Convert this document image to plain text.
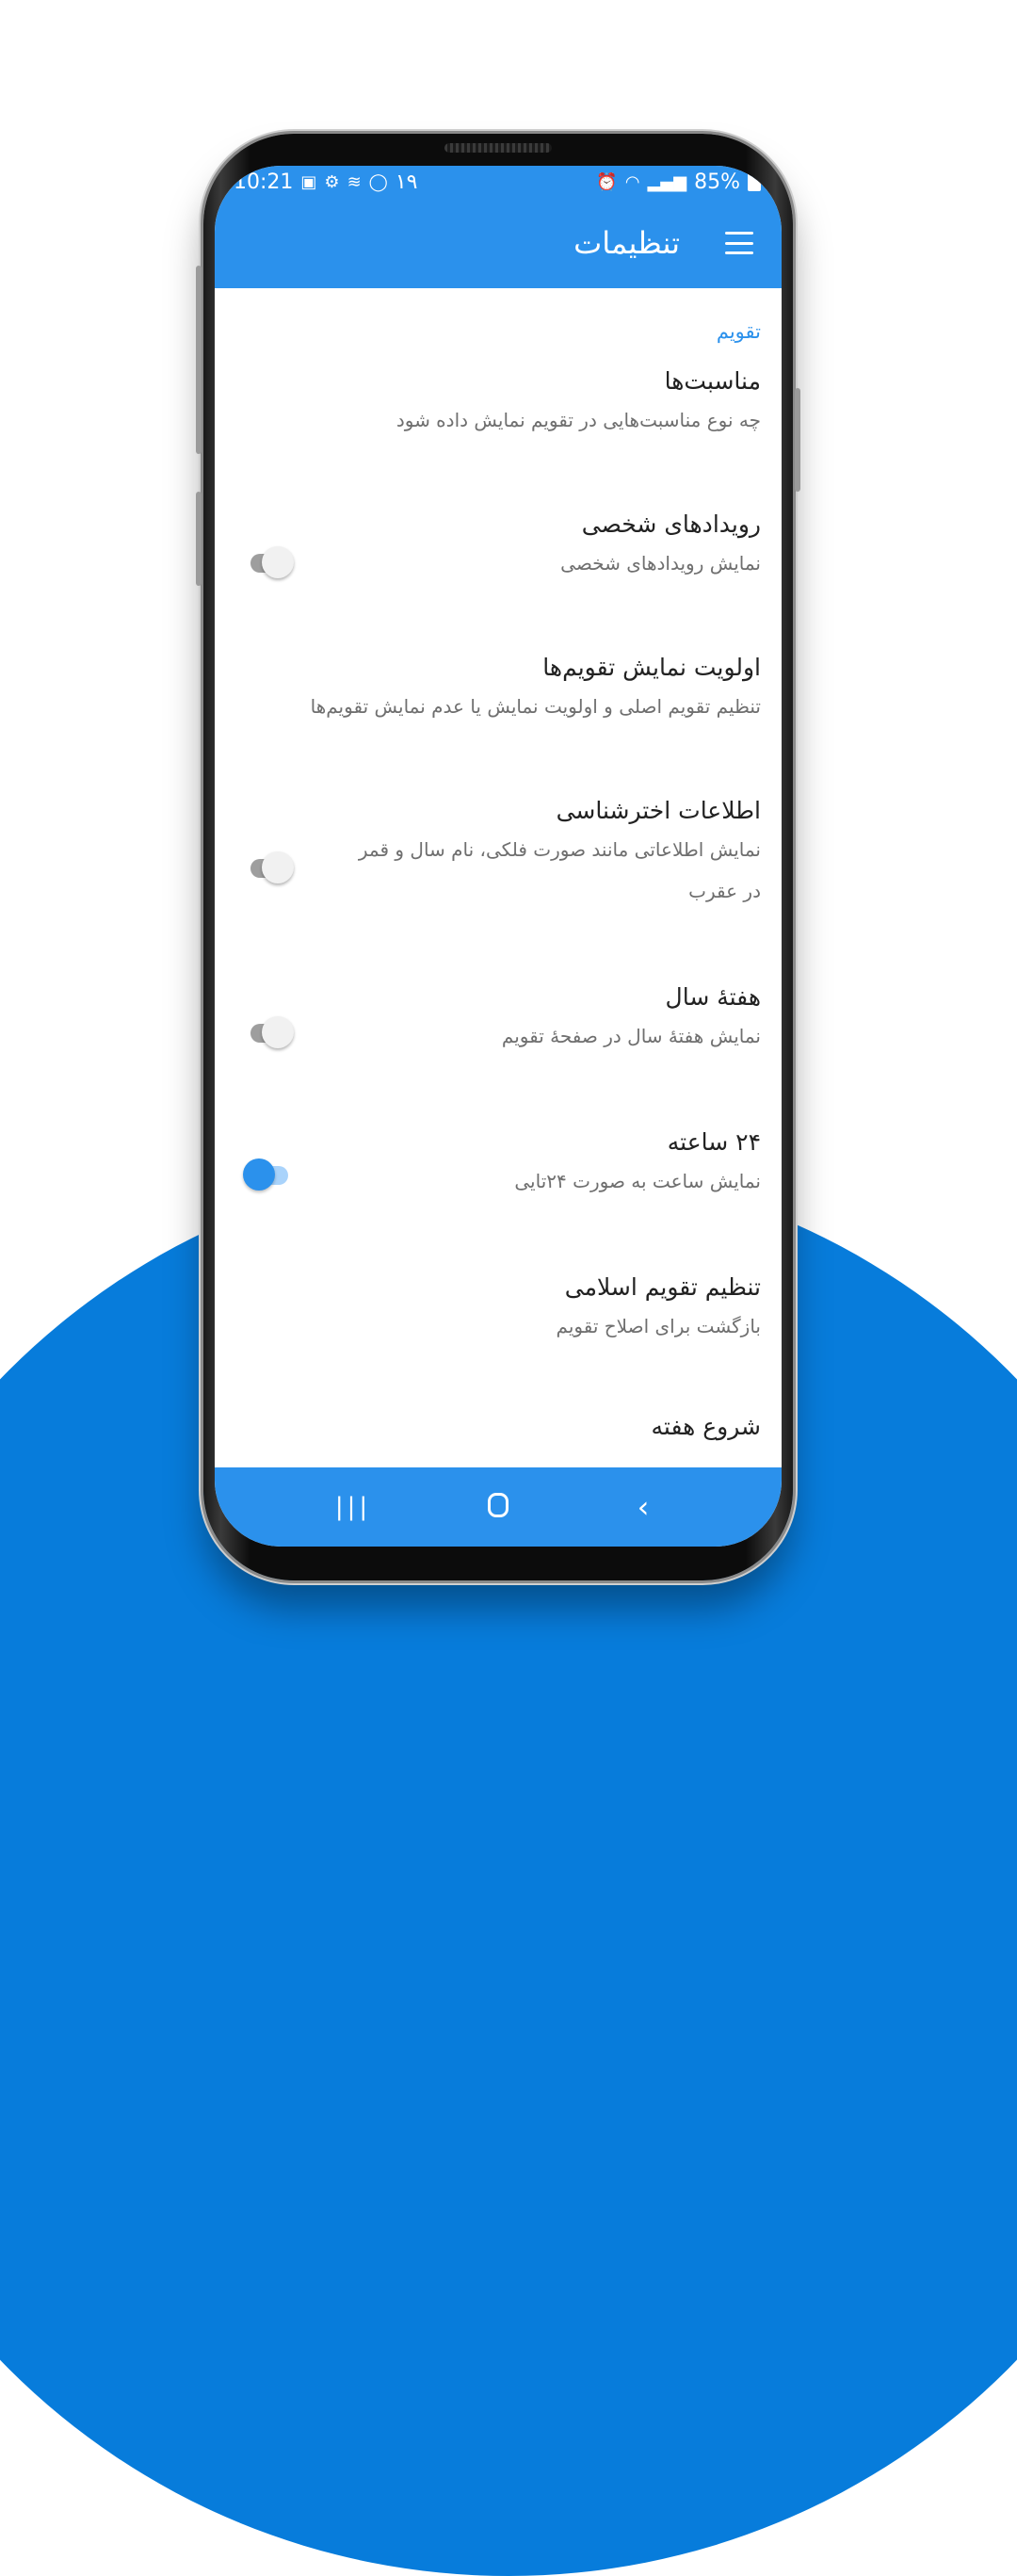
10:21 ▣ ⚙ ≋ ◯ ۱۹	⏰ ◠ ▂▄▆ 85%
تنظیمات
تقویم
مناسبت‌ها
چه نوع مناسبت‌هایی در تقویم نمایش داده شود
رویدادهای شخصی
نمایش رویدادهای شخصی
اولویت نمایش تقویم‌ها
تنظیم تقویم اصلی و اولویت نمایش یا عدم نمایش تقویم‌ها
اطلاعات اخترشناسی
نمایش اطلاعاتی مانند صورت فلکی، نام سال و قمر در عقرب
هفتهٔ سال
نمایش هفتهٔ سال در صفحهٔ تقویم
۲۴ ساعته
نمایش ساعت به صورت ۲۴تایی
تنظیم تقویم اسلامی
بازگشت برای اصلاح تقویم
شروع هفته
|||	‹
